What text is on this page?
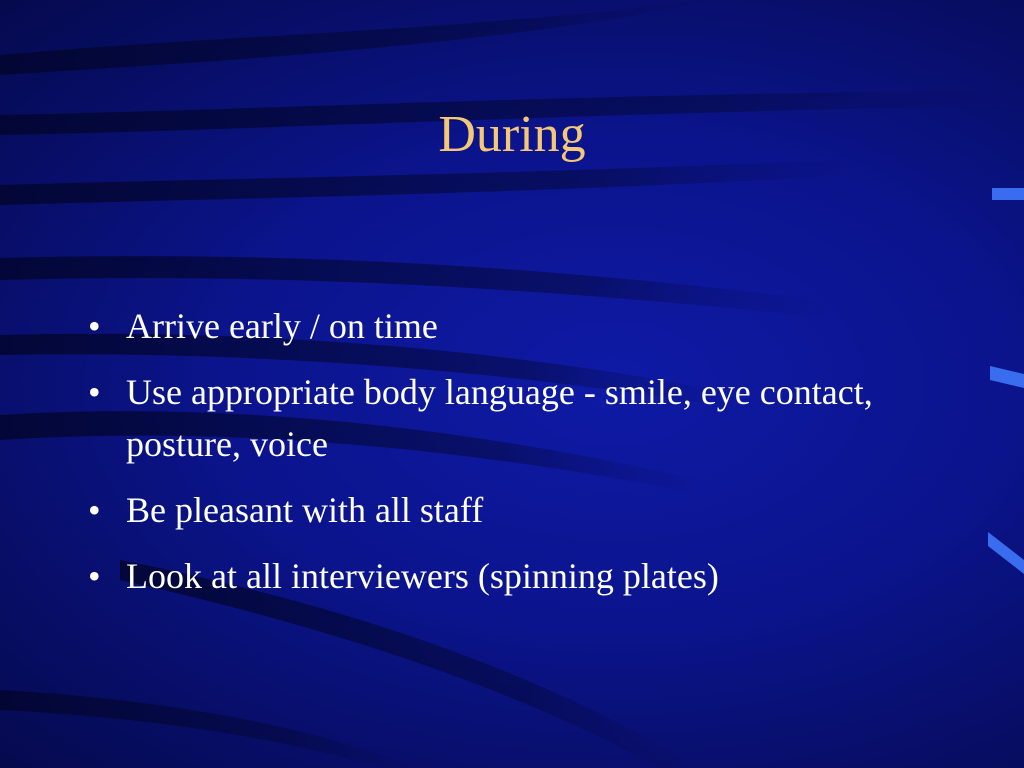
During
• Arrive early / on time
• Use appropriate body language - smile, eye contact, posture, voice
• Be pleasant with all staff
• Look at all interviewers (spinning plates)
